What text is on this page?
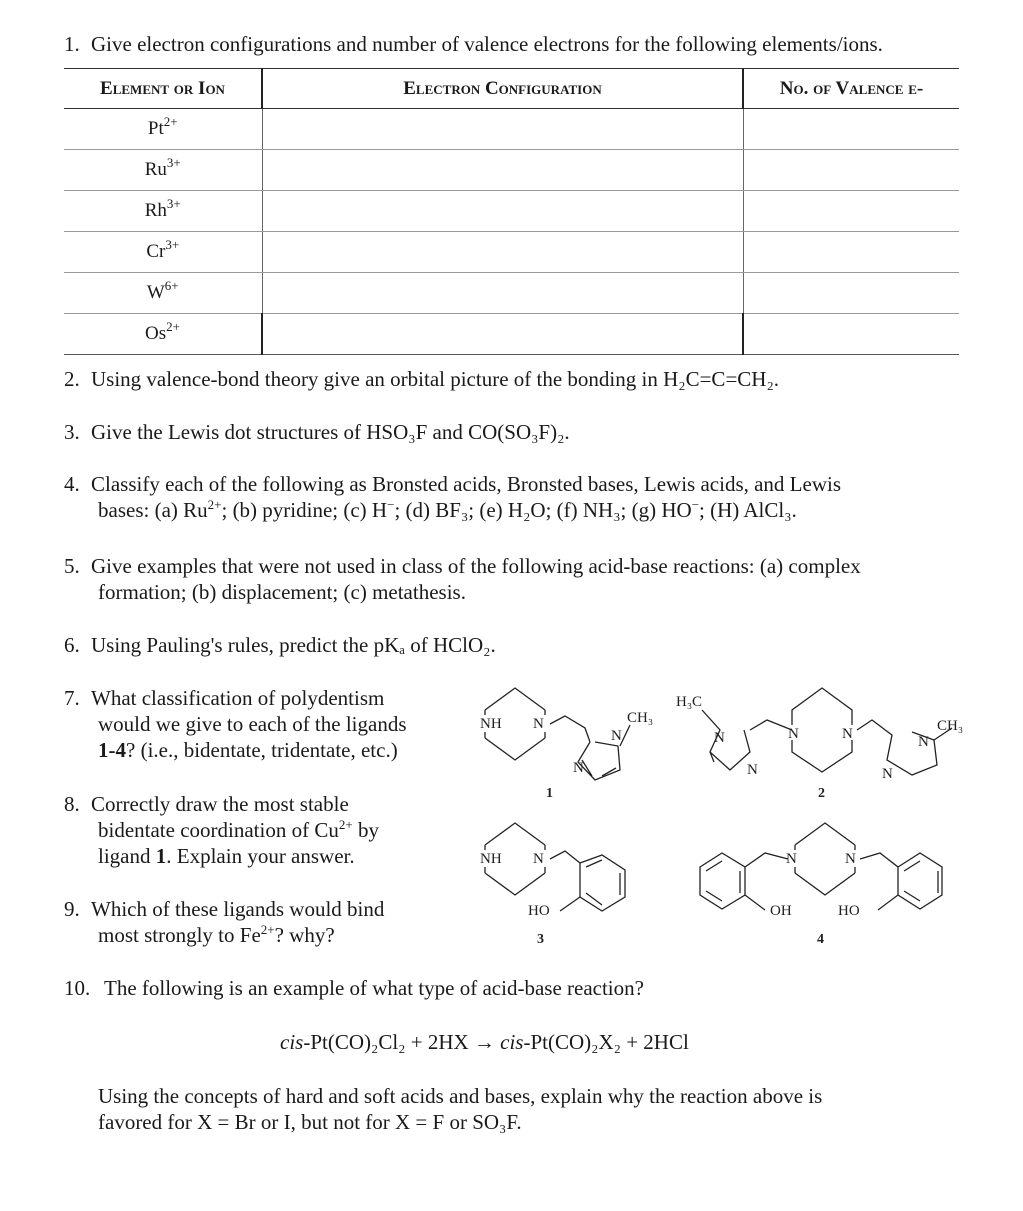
1. Give electron configurations and number of valence electrons for the following elements/ions.
Element or Ion	Electron Configuration	No. of Valence e-
$Pt^{2+}$		
$Ru^{3+}$		
$Rh^{3+}$		
$Cr^{3+}$		
$W^{6+}$		
$Os^{2+}$		
2. Using valence-bond theory give an orbital picture of the bonding in H₂C=C=CH₂.
3. Give the Lewis dot structures of HSO₃F and CO(SO₃F)₂.
4. Classify each of the following as Bronsted acids, Bronsted bases, Lewis acids, and Lewis
bases: (a) $Ru^{2+}$; (b) pyridine; (c) H−; (d) BF₃; (e) H₂O; (f) NH₃; (g) HO−; (H) AlCl₃.
5. Give examples that were not used in class of the following acid-base reactions: (a) complex
formation; (b) displacement; (c) metathesis.
6. Using Pauling's rules, predict the pKₐ of HClO₂.
7. What classification of polydentism
would we give to each of the ligands
1-4? (i.e., bidentate, tridentate, etc.)
8. Correctly draw the most stable
bidentate coordination of $Cu^{2+}$ by
ligand 1. Explain your answer.
9. Which of these ligands would bind
most strongly to $Fe^{2+}$? why?
10. The following is an example of what type of acid-base reaction?
cis-Pt(CO)₂Cl₂ + 2HX → cis-Pt(CO)₂X₂ + 2HCl
Using the concepts of hard and soft acids and bases, explain why the reaction above is
favored for X = Br or I, but not for X = F or SO₃F.
NH N
N
N
CH₃
1
H₃C
N
N
N	N	N
N
CH₃
2
NH N
HO
3
N	N
OH	HO
4
